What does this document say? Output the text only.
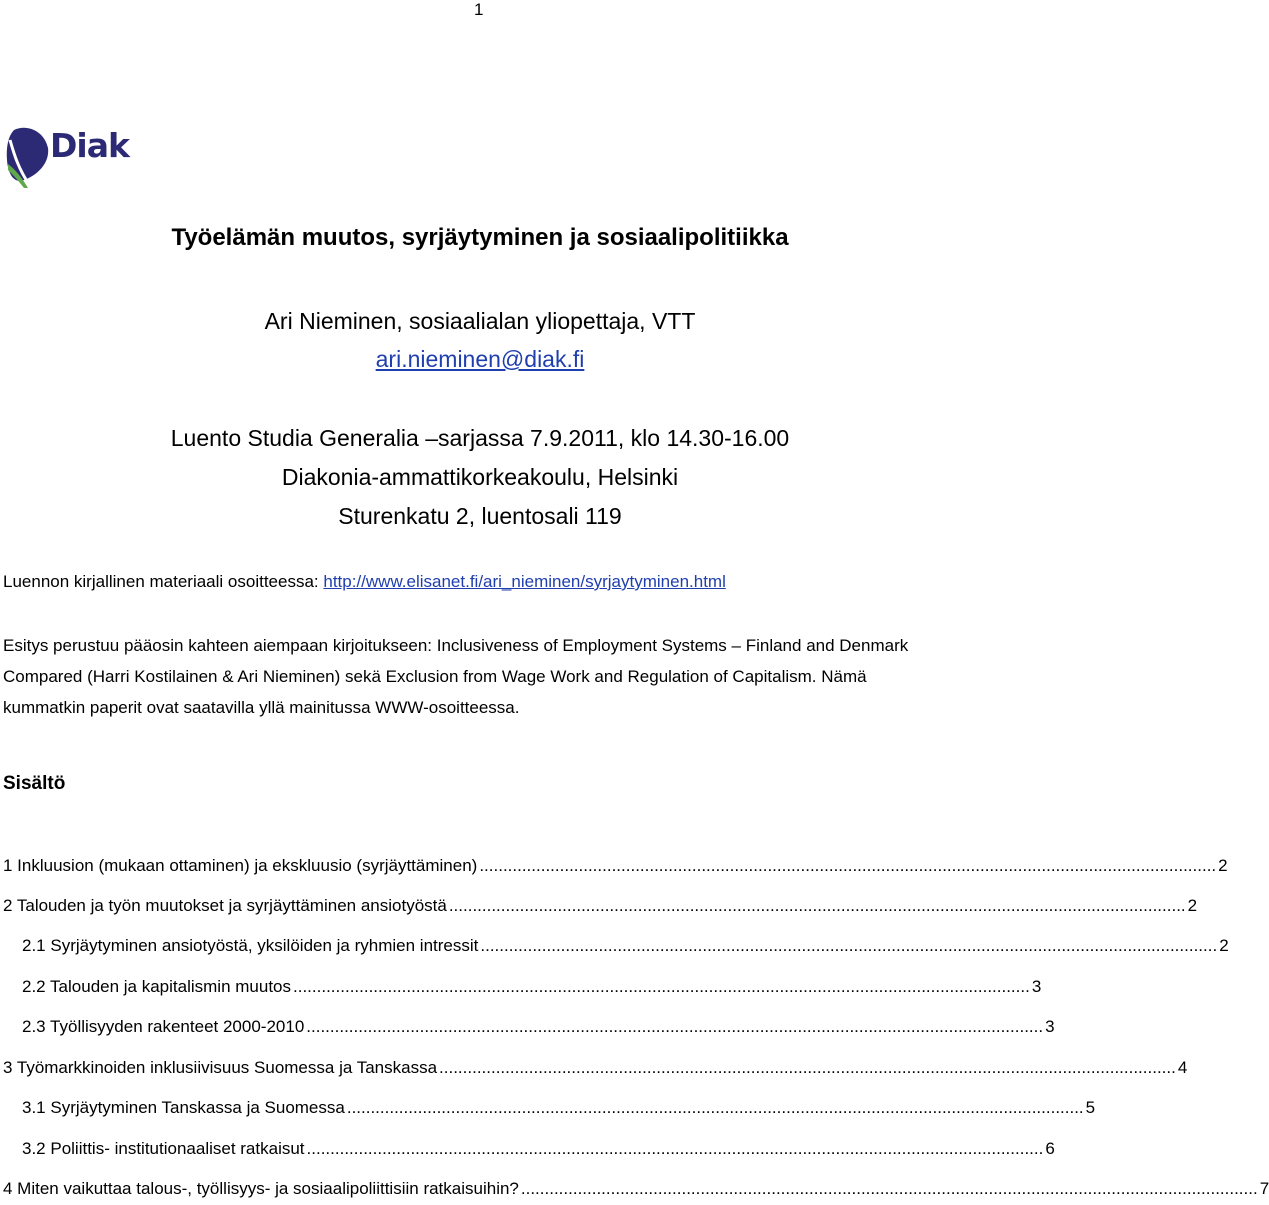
1
Diak
Työelämän muutos, syrjäytyminen ja sosiaalipolitiikka
Ari Nieminen, sosiaalialan yliopettaja, VTT
ari.nieminen@diak.fi
Luento Studia Generalia –sarjassa 7.9.2011, klo 14.30-16.00
Diakonia-ammattikorkeakoulu, Helsinki
Sturenkatu 2, luentosali 119
Luennon kirjallinen materiaali osoitteessa: http://www.elisanet.fi/ari_nieminen/syrjaytyminen.html
Esitys perustuu pääosin kahteen aiempaan kirjoitukseen: Inclusiveness of Employment Systems – Finland and Denmark Compared (Harri Kostilainen & Ari Nieminen) sekä Exclusion from Wage Work and Regulation of Capitalism. Nämä kummatkin paperit ovat saatavilla yllä mainitussa WWW-osoitteessa.
Sisältö
1 Inkluusion (mukaan ottaminen) ja ekskluusio (syrjäyttäminen) ............................................................................................................................................................ 2
2 Talouden ja työn muutokset ja syrjäyttäminen ansiotyöstä ............................................................................................................................................................ 2
2.1 Syrjäytyminen ansiotyöstä, yksilöiden ja ryhmien intressit ............................................................................................................................................................ 2
2.2 Talouden ja kapitalismin muutos ............................................................................................................................................................ 3
2.3 Työllisyyden rakenteet 2000-2010 ............................................................................................................................................................ 3
3 Työmarkkinoiden inklusiivisuus Suomessa ja Tanskassa ............................................................................................................................................................ 4
3.1 Syrjäytyminen Tanskassa ja Suomessa ............................................................................................................................................................ 5
3.2 Poliittis- institutionaaliset ratkaisut ............................................................................................................................................................ 6
4 Miten vaikuttaa talous-, työllisyys- ja sosiaalipoliittisiin ratkaisuihin? ............................................................................................................................................................ 7
